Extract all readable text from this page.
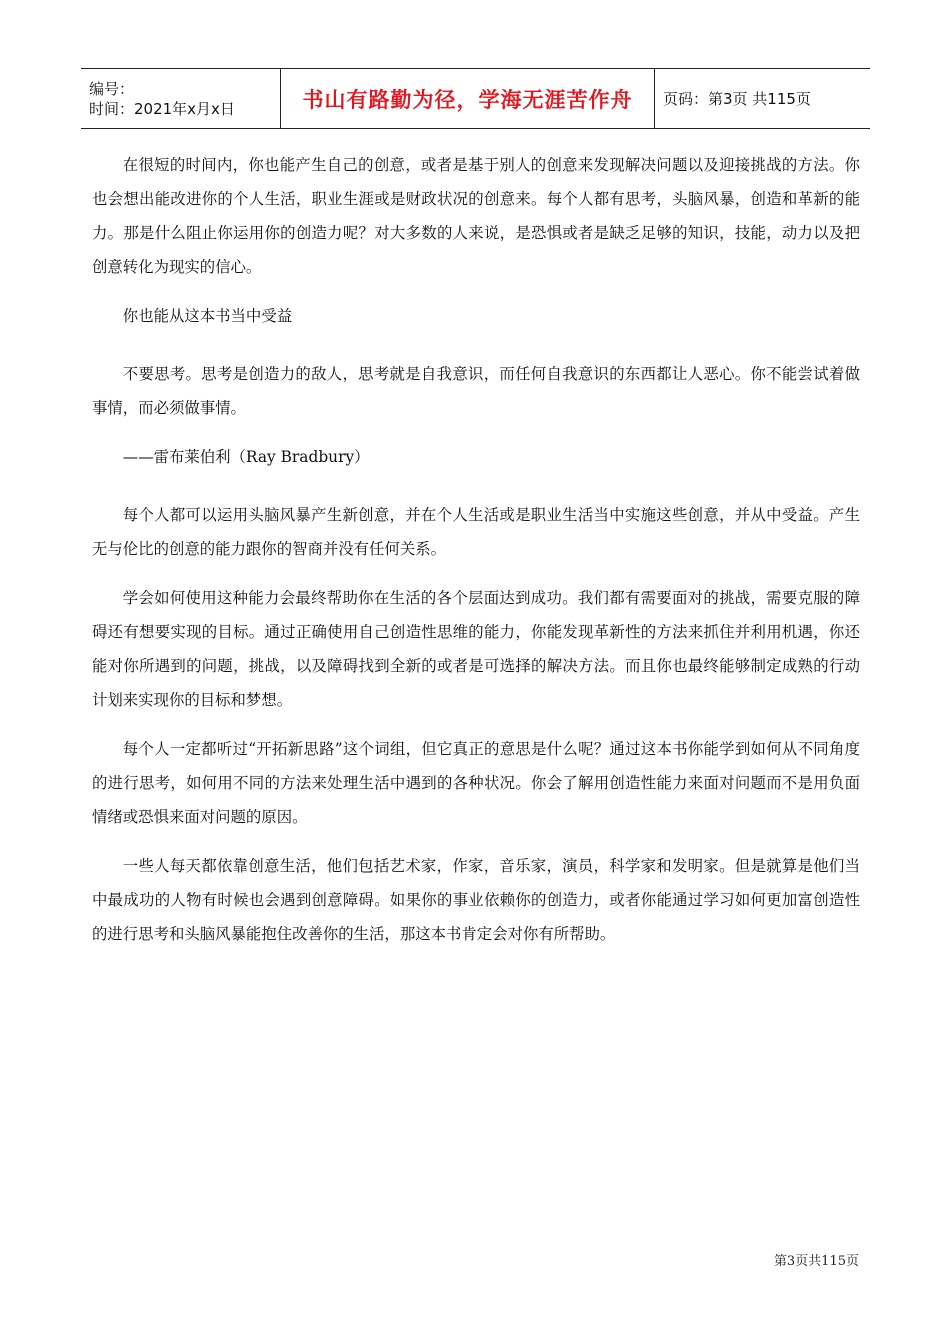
编号：
时间：2021年x月x日	书山有路勤为径，学海无涯苦作舟 页码：第3页 共115页

在很短的时间内，你也能产生自己的创意，或者是基于别人的创意来发现解决问题以及迎接挑战的方法。你也会想出能改进你的个人生活，职业生涯或是财政状况的创意来。每个人都有思考，头脑风暴，创造和革新的能力。那是什么阻止你运用你的创造力呢？对大多数的人来说，是恐惧或者是缺乏足够的知识，技能，动力以及把创意转化为现实的信心。

你也能从这本书当中受益

不要思考。思考是创造力的敌人，思考就是自我意识，而任何自我意识的东西都让人恶心。你不能尝试着做事情，而必须做事情。

——雷布莱伯利（Ray Bradbury）

每个人都可以运用头脑风暴产生新创意，并在个人生活或是职业生活当中实施这些创意，并从中受益。产生无与伦比的创意的能力跟你的智商并没有任何关系。

学会如何使用这种能力会最终帮助你在生活的各个层面达到成功。我们都有需要面对的挑战，需要克服的障碍还有想要实现的目标。通过正确使用自己创造性思维的能力，你能发现革新性的方法来抓住并利用机遇，你还能对你所遇到的问题，挑战，以及障碍找到全新的或者是可选择的解决方法。而且你也最终能够制定成熟的行动计划来实现你的目标和梦想。

每个人一定都听过“开拓新思路”这个词组，但它真正的意思是什么呢？通过这本书你能学到如何从不同角度的进行思考，如何用不同的方法来处理生活中遇到的各种状况。你会了解用创造性能力来面对问题而不是用负面情绪或恐惧来面对问题的原因。

一些人每天都依靠创意生活，他们包括艺术家，作家，音乐家，演员，科学家和发明家。但是就算是他们当中最成功的人物有时候也会遇到创意障碍。如果你的事业依赖你的创造力，或者你能通过学习如何更加富创造性的进行思考和头脑风暴能抱住改善你的生活，那这本书肯定会对你有所帮助。

第3页共115页
